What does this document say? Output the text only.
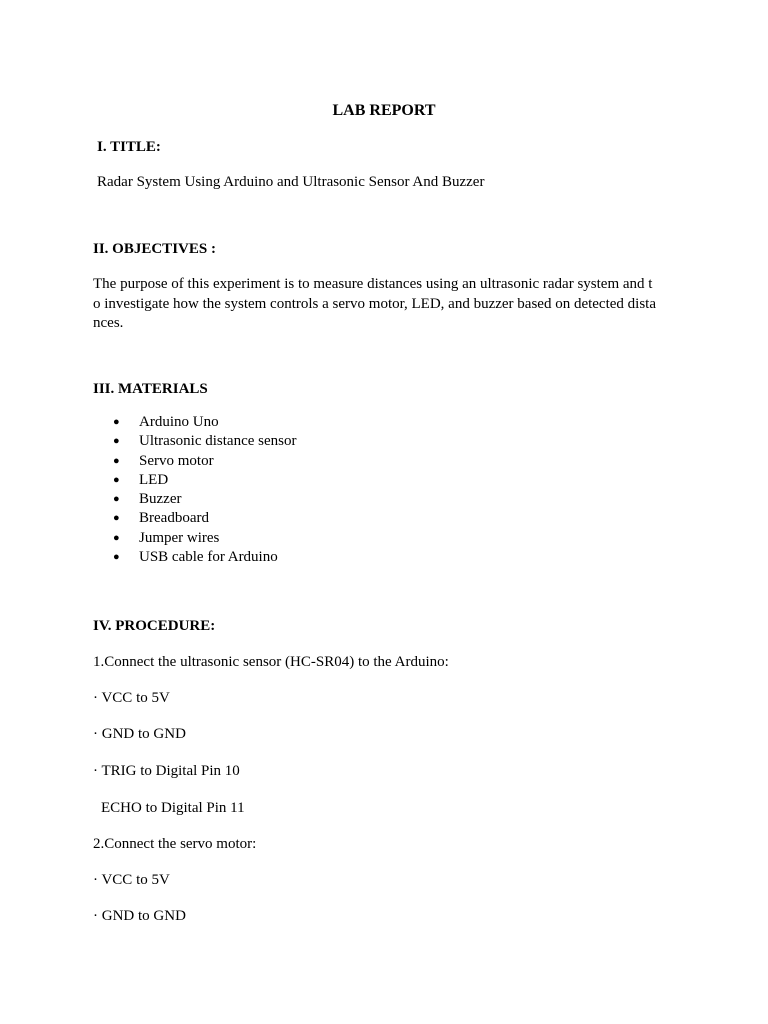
LAB REPORT
I. TITLE:
Radar System Using Arduino and Ultrasonic Sensor And Buzzer
II. OBJECTIVES :
The purpose of this experiment is to measure distances using an ultrasonic radar system and t
o investigate how the system controls a servo motor, LED, and buzzer based on detected dista
nces.
III. MATERIALS
● Arduino Uno
● Ultrasonic distance sensor
● Servo motor
● LED
● Buzzer
● Breadboard
● Jumper wires
● USB cable for Arduino
IV. PROCEDURE:
1.Connect the ultrasonic sensor (HC-SR04) to the Arduino:
· VCC to 5V
· GND to GND
· TRIG to Digital Pin 10
ECHO to Digital Pin 11
2.Connect the servo motor:
· VCC to 5V
· GND to GND
